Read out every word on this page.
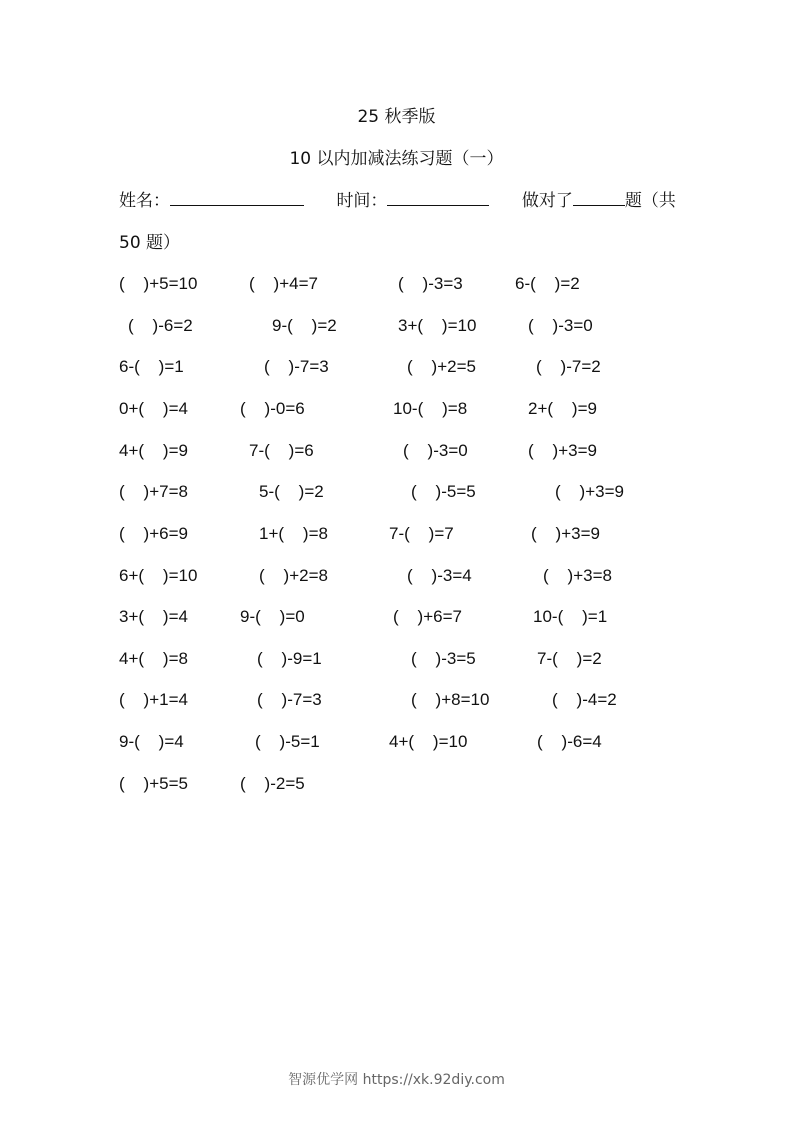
25 秋季版
10 以内加减法练习题（一）
姓名：	时间：	做对了	题（共
50 题）
(    )+5=10	(    )+4=7	(    )-3=3	6-(    )=2
(    )-6=2	9-(    )=2	3+(    )=10	(    )-3=0
6-(    )=1	(    )-7=3	(    )+2=5	(    )-7=2
0+(    )=4	(    )-0=6	10-(    )=8	2+(    )=9
4+(    )=9	7-(    )=6	(    )-3=0	(    )+3=9
(    )+7=8	5-(    )=2	(    )-5=5	(    )+3=9
(    )+6=9	1+(    )=8	7-(    )=7	(    )+3=9
6+(    )=10	(    )+2=8	(    )-3=4	(    )+3=8
3+(    )=4	9-(    )=0	(    )+6=7	10-(    )=1
4+(    )=8	(    )-9=1	(    )-3=5	7-(    )=2
(    )+1=4	(    )-7=3	(    )+8=10	(    )-4=2
9-(    )=4	(    )-5=1	4+(    )=10	(    )-6=4
(    )+5=5	(    )-2=5
智源优学网 https://xk.92diy.com
